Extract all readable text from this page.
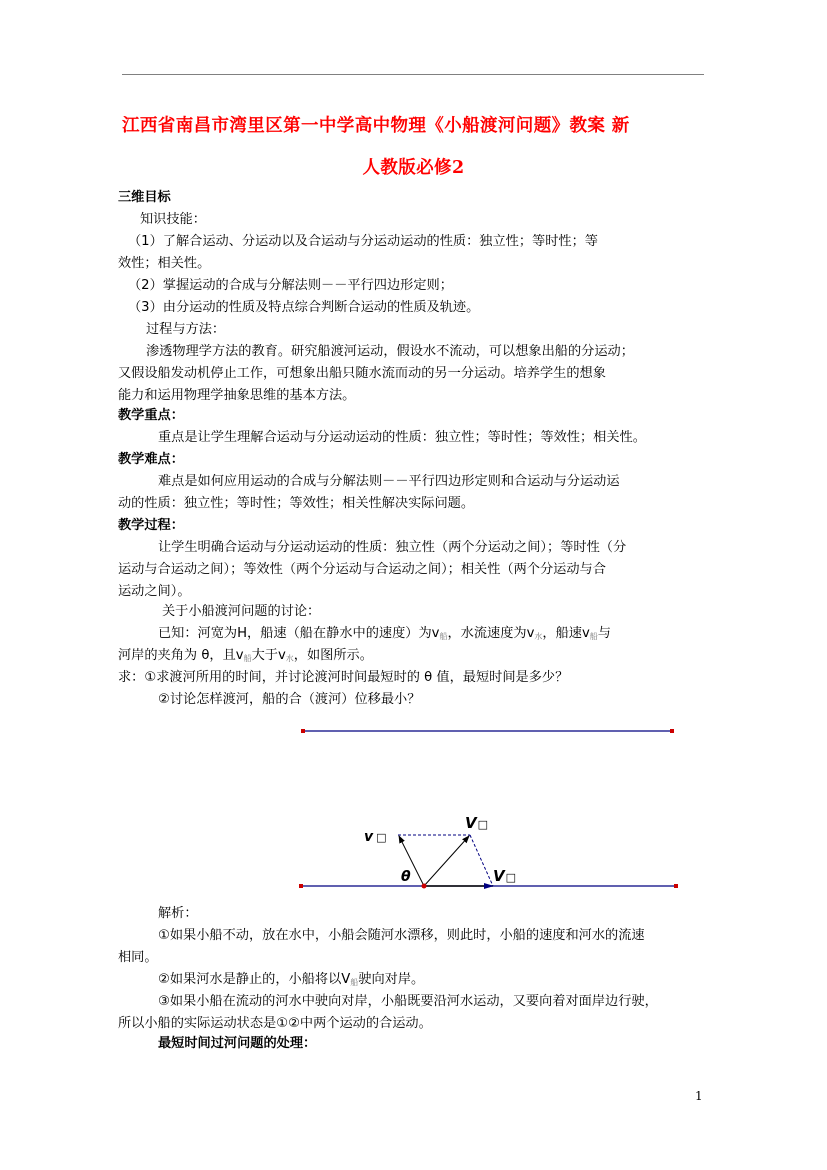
江西省南昌市湾里区第一中学高中物理《小船渡河问题》教案 新
人教版必修2
三维目标
知识技能：
（1）了解合运动、分运动以及合运动与分运动运动的性质：独立性；等时性；等
效性；相关性。
（2）掌握运动的合成与分解法则－－平行四边形定则；
（3）由分运动的性质及特点综合判断合运动的性质及轨迹。
过程与方法：
渗透物理学方法的教育。研究船渡河运动，假设水不流动，可以想象出船的分运动；
又假设船发动机停止工作，可想象出船只随水流而动的另一分运动。培养学生的想象
能力和运用物理学抽象思维的基本方法。
教学重点：
重点是让学生理解合运动与分运动运动的性质：独立性；等时性；等效性；相关性。
教学难点：
难点是如何应用运动的合成与分解法则－－平行四边形定则和合运动与分运动运
动的性质：独立性；等时性；等效性；相关性解决实际问题。
教学过程：
让学生明确合运动与分运动运动的性质：独立性（两个分运动之间）；等时性（分
运动与合运动之间）；等效性（两个分运动与合运动之间）；相关性（两个分运动与合
运动之间）。
关于小船渡河问题的讨论：
已知：河宽为H，船速（船在静水中的速度）为$v_船$，水流速度为$v_水$，船速$v_船$与
河岸的夹角为 θ，且$v_船$大于$v_水$，如图所示。
求：①求渡河所用的时间，并讨论渡河时间最短时的 θ 值，最短时间是多少？
②讨论怎样渡河，船的合（渡河）位移最小？
v □
V□
V□
θ
解析：
①如果小船不动，放在水中，小船会随河水漂移，则此时，小船的速度和河水的流速
相同。
②如果河水是静止的，小船将以$V_船$驶向对岸。
③如果小船在流动的河水中驶向对岸，小船既要沿河水运动，又要向着对面岸边行驶，
所以小船的实际运动状态是①②中两个运动的合运动。
最短时间过河问题的处理：
1
